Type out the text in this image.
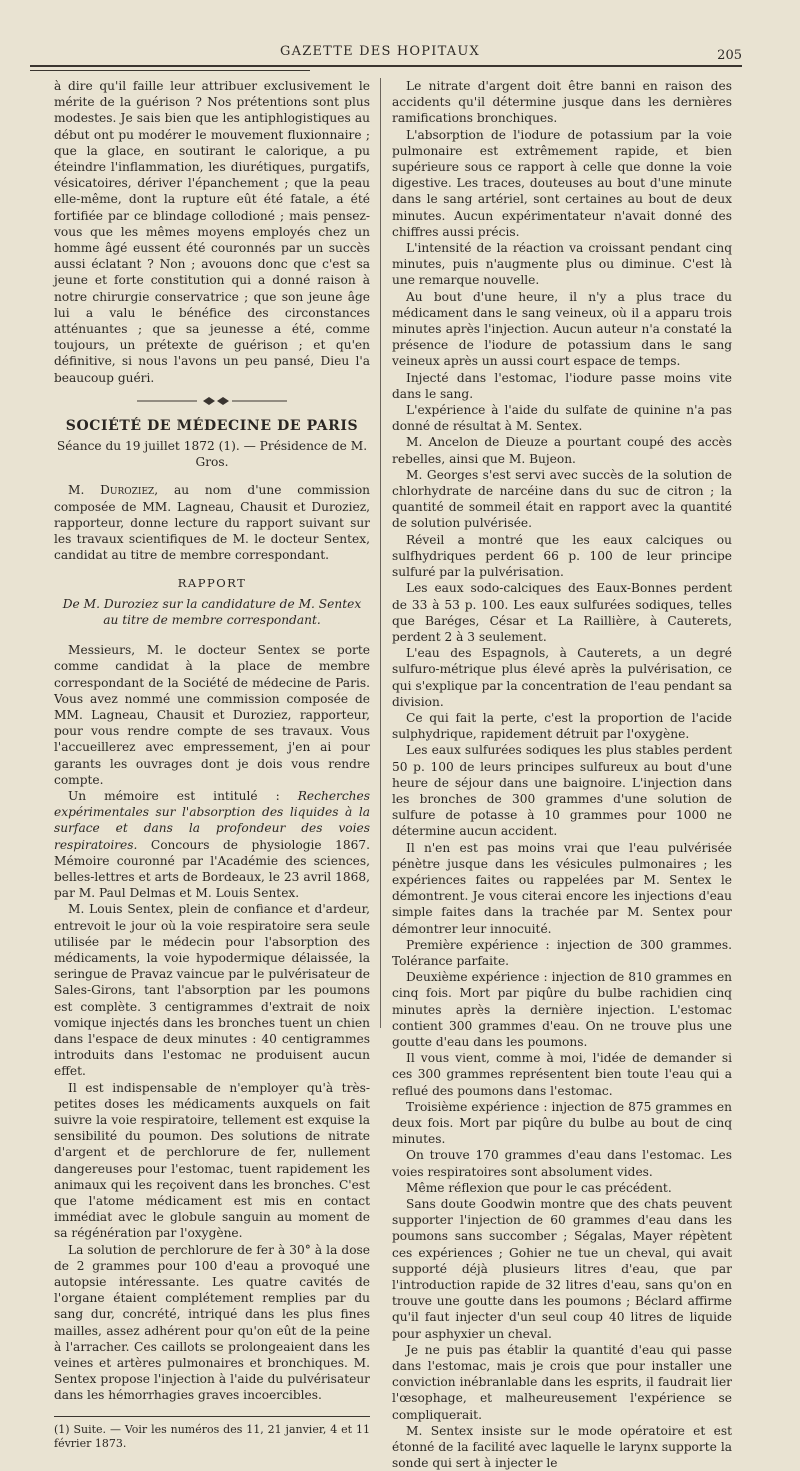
GAZETTE DES HOPITAUX	205

à dire qu'il faille leur attribuer exclusivement le mérite de la guérison ? Nos prétentions sont plus modestes. Je sais bien que les antiphlogistiques au début ont pu modérer le mouvement fluxionnaire ; que la glace, en soutirant le calorique, a pu éteindre l'inflammation, les diurétiques, purgatifs, vésicatoires, dériver l'épanchement ; que la peau elle-même, dont la rupture eût été fatale, a été fortifiée par ce blindage collodioné ; mais pensez-vous que les mêmes moyens employés chez un homme âgé eussent été couronnés par un succès aussi éclatant ? Non ; avouons donc que c'est sa jeune et forte constitution qui a donné raison à notre chirurgie conservatrice ; que son jeune âge lui a valu le bénéfice des circonstances atténuantes ; que sa jeunesse a été, comme toujours, un prétexte de guérison ; et qu'en définitive, si nous l'avons un peu pansé, Dieu l'a beaucoup guéri.

SOCIÉTÉ DE MÉDECINE DE PARIS
Séance du 19 juillet 1872 (1). — Présidence de M. Gros.

M. Duroziez, au nom d'une commission composée de MM. Lagneau, Chausit et Duroziez, rapporteur, donne lecture du rapport suivant sur les travaux scientifiques de M. le docteur Sentex, candidat au titre de membre correspondant.

RAPPORT
De M. Duroziez sur la candidature de M. Sentex au titre de membre correspondant.

Messieurs, M. le docteur Sentex se porte comme candidat à la place de membre correspondant de la Société de médecine de Paris. Vous avez nommé une commission composée de MM. Lagneau, Chausit et Duroziez, rapporteur, pour vous rendre compte de ses travaux. Vous l'accueillerez avec empressement, j'en ai pour garants les ouvrages dont je dois vous rendre compte.

Un mémoire est intitulé : Recherches expérimentales sur l'absorption des liquides à la surface et dans la profondeur des voies respiratoires. Concours de physiologie 1867. Mémoire couronné par l'Académie des sciences, belles-lettres et arts de Bordeaux, le 23 avril 1868, par M. Paul Delmas et M. Louis Sentex.

M. Louis Sentex, plein de confiance et d'ardeur, entrevoit le jour où la voie respiratoire sera seule utilisée par le médecin pour l'absorption des médicaments, la voie hypodermique délaissée, la seringue de Pravaz vaincue par le pulvérisateur de Sales-Girons, tant l'absorption par les poumons est complète. 3 centigrammes d'extrait de noix vomique injectés dans les bronches tuent un chien dans l'espace de deux minutes : 40 centigrammes introduits dans l'estomac ne produisent aucun effet.

Il est indispensable de n'employer qu'à très-petites doses les médicaments auxquels on fait suivre la voie respiratoire, tellement est exquise la sensibilité du poumon. Des solutions de nitrate d'argent et de perchlorure de fer, nullement dangereuses pour l'estomac, tuent rapidement les animaux qui les reçoivent dans les bronches. C'est que l'atome médicament est mis en contact immédiat avec le globule sanguin au moment de sa régénération par l'oxygène.

La solution de perchlorure de fer à 30° à la dose de 2 grammes pour 100 d'eau a provoqué une autopsie intéressante. Les quatre cavités de l'organe étaient complétement remplies par du sang dur, concrété, intriqué dans les plus fines mailles, assez adhérent pour qu'on eût de la peine à l'arracher. Ces caillots se prolongeaient dans les veines et artères pulmonaires et bronchiques. M. Sentex propose l'injection à l'aide du pulvérisateur dans les hémorrhagies graves incoercibles.

(1) Suite. — Voir les numéros des 11, 21 janvier, 4 et 11 février 1873.

Le nitrate d'argent doit être banni en raison des accidents qu'il détermine jusque dans les dernières ramifications bronchiques.

L'absorption de l'iodure de potassium par la voie pulmonaire est extrêmement rapide, et bien supérieure sous ce rapport à celle que donne la voie digestive. Les traces, douteuses au bout d'une minute dans le sang artériel, sont certaines au bout de deux minutes. Aucun expérimentateur n'avait donné des chiffres aussi précis.

L'intensité de la réaction va croissant pendant cinq minutes, puis n'augmente plus ou diminue. C'est là une remarque nouvelle.

Au bout d'une heure, il n'y a plus trace du médicament dans le sang veineux, où il a apparu trois minutes après l'injection. Aucun auteur n'a constaté la présence de l'iodure de potassium dans le sang veineux après un aussi court espace de temps.

Injecté dans l'estomac, l'iodure passe moins vite dans le sang.

L'expérience à l'aide du sulfate de quinine n'a pas donné de résultat à M. Sentex.

M. Ancelon de Dieuze a pourtant coupé des accès rebelles, ainsi que M. Bujeon.

M. Georges s'est servi avec succès de la solution de chlorhydrate de narcéine dans du suc de citron ; la quantité de sommeil était en rapport avec la quantité de solution pulvérisée.

Réveil a montré que les eaux calciques ou sulfhydriques perdent 66 p. 100 de leur principe sulfuré par la pulvérisation.

Les eaux sodo-calciques des Eaux-Bonnes perdent de 33 à 53 p. 100. Les eaux sulfurées sodiques, telles que Baréges, César et La Raillière, à Cauterets, perdent 2 à 3 seulement.

L'eau des Espagnols, à Cauterets, a un degré sulfuro-métrique plus élevé après la pulvérisation, ce qui s'explique par la concentration de l'eau pendant sa division.

Ce qui fait la perte, c'est la proportion de l'acide sulphydrique, rapidement détruit par l'oxygène.

Les eaux sulfurées sodiques les plus stables perdent 50 p. 100 de leurs principes sulfureux au bout d'une heure de séjour dans une baignoire. L'injection dans les bronches de 300 grammes d'une solution de sulfure de potasse à 10 grammes pour 1000 ne détermine aucun accident.

Il n'en est pas moins vrai que l'eau pulvérisée pénètre jusque dans les vésicules pulmonaires ; les expériences faites ou rappelées par M. Sentex le démontrent. Je vous citerai encore les injections d'eau simple faites dans la trachée par M. Sentex pour démontrer leur innocuité.

Première expérience : injection de 300 grammes. Tolérance parfaite.

Deuxième expérience : injection de 810 grammes en cinq fois. Mort par piqûre du bulbe rachidien cinq minutes après la dernière injection. L'estomac contient 300 grammes d'eau. On ne trouve plus une goutte d'eau dans les poumons.

Il vous vient, comme à moi, l'idée de demander si ces 300 grammes représentent bien toute l'eau qui a reflué des poumons dans l'estomac.

Troisième expérience : injection de 875 grammes en deux fois. Mort par piqûre du bulbe au bout de cinq minutes.

On trouve 170 grammes d'eau dans l'estomac. Les voies respiratoires sont absolument vides.

Même réflexion que pour le cas précédent.

Sans doute Goodwin montre que des chats peuvent supporter l'injection de 60 grammes d'eau dans les poumons sans succomber ; Ségalas, Mayer répètent ces expériences ; Gohier ne tue un cheval, qui avait supporté déjà plusieurs litres d'eau, que par l'introduction rapide de 32 litres d'eau, sans qu'on en trouve une goutte dans les poumons ; Béclard affirme qu'il faut injecter d'un seul coup 40 litres de liquide pour asphyxier un cheval.

Je ne puis pas établir la quantité d'eau qui passe dans l'estomac, mais je crois que pour installer une conviction inébranlable dans les esprits, il faudrait lier l'œsophage, et malheureusement l'expérience se compliquerait.

M. Sentex insiste sur le mode opératoire et est étonné de la facilité avec laquelle le larynx supporte la sonde qui sert à injecter le
